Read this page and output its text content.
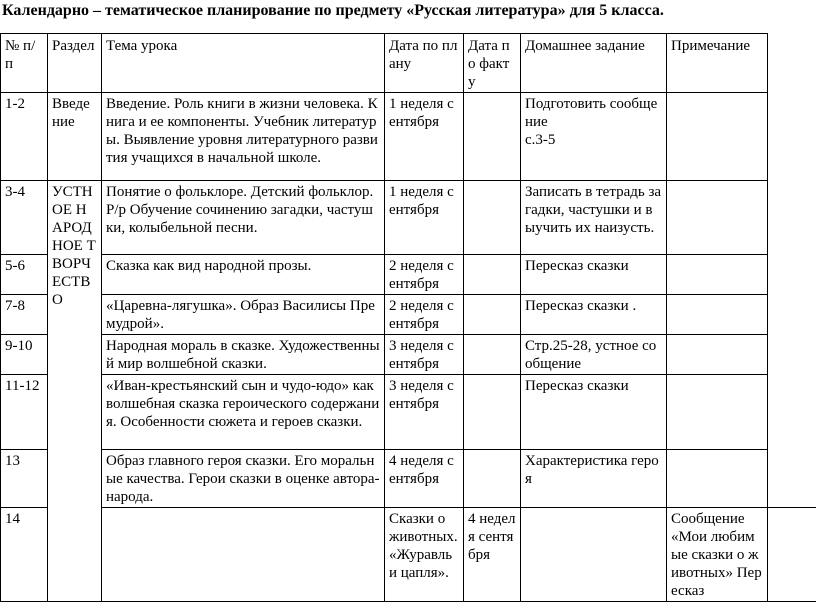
Календарно – тематическое планирование по предмету «Русская литература» для 5 класса.
№ п/п	Раздел	Тема урока	Дата по плану	Дата по факту	Домашнее задание	Примечание	
1-2	Введение	Введение. Роль книги в жизни человека. Книга и ее компоненты. Учебник литературы. Выявление уровня литературного развития учащихся в начальной школе.	1 неделя сентября		Подготовить сообщение
с.3-5		
3-4	УСТНОЕ НАРОДНОЕ ТВОРЧЕСТВО	Понятие о фольклоре. Детский фольклор.
Р/р Обучение сочинению загадки, частушки, колыбельной песни.	1 неделя сентября		Записать в тетрадь загадки, частушки и выучить их наизусть.		
5-6		Сказка как вид народной прозы.	2 неделя сентября		Пересказ сказки		
7-8		«Царевна-лягушка». Образ Василисы Премудрой».	2 неделя сентября		Пересказ сказки .		
9-10		Народная мораль в сказке. Художественный мир волшебной сказки.	3 неделя сентября		Стр.25-28, устное сообщение		
11-12		«Иван-крестьянский сын и чудо-юдо» как волшебная сказка героического содержания. Особенности сюжета и героев сказки.	3 неделя сентября		Пересказ сказки		
13		Образ главного героя сказки. Его моральные качества. Герои сказки в оценке автора-народа.	4 неделя сентября		Характеристика героя		
14			Сказки о животных. «Журавль и цапля».	4 неделя сентября		Сообщение «Мои любимые сказки о животных» Пересказ	
